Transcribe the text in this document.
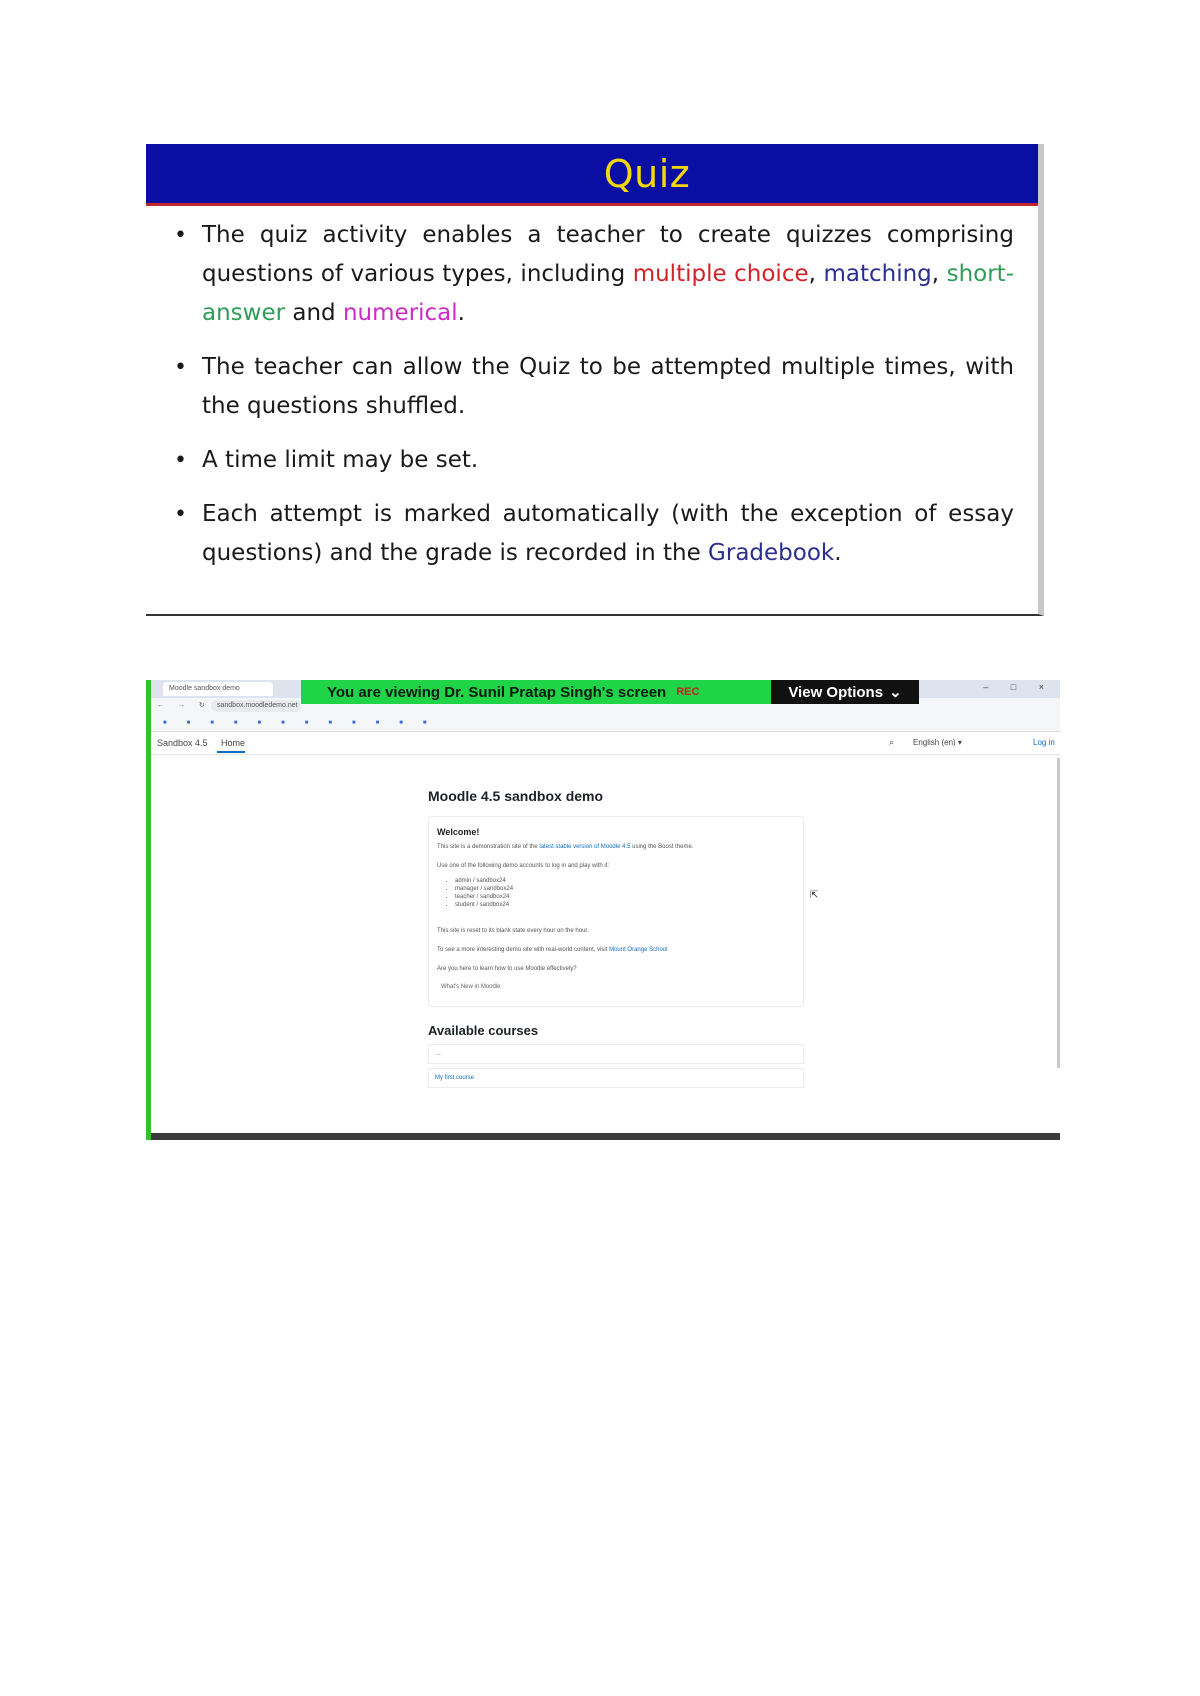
Quiz
• The quiz activity enables a teacher to create quizzes comprising questions of various types, including multiple choice, matching, short-answer and numerical.
• The teacher can allow the Quiz to be attempted multiple times, with the questions shuffled.
• A time limit may be set.
• Each attempt is marked automatically (with the exception of essay questions) and the grade is recorded in the Gradebook.
Moodle sandbox demo	– □ ×
← → ↻ sandbox.moodledemo.net
■
■
■
■
■
■
■
■
■
■
■
■
You are viewing Dr. Sunil Pratap Singh's screen REC	View Options ⌄
Sandbox 4.5 Home	⌕ English (en) ▾	Log in
Moodle 4.5 sandbox demo
Welcome!

This site is a demonstration site of the latest stable version of Moodle 4.5 using the Boost theme.

Use one of the following demo accounts to log in and play with it:

• admin / sandbox24
• manager / sandbox24
• teacher / sandbox24
• student / sandbox24

This site is reset to its blank state every hour on the hour.

To see a more interesting demo site with real-world content, visit Mount Orange School

Are you here to learn how to use Moodle effectively?

What's New in Moodle
Available courses
…
My first course
⇱
